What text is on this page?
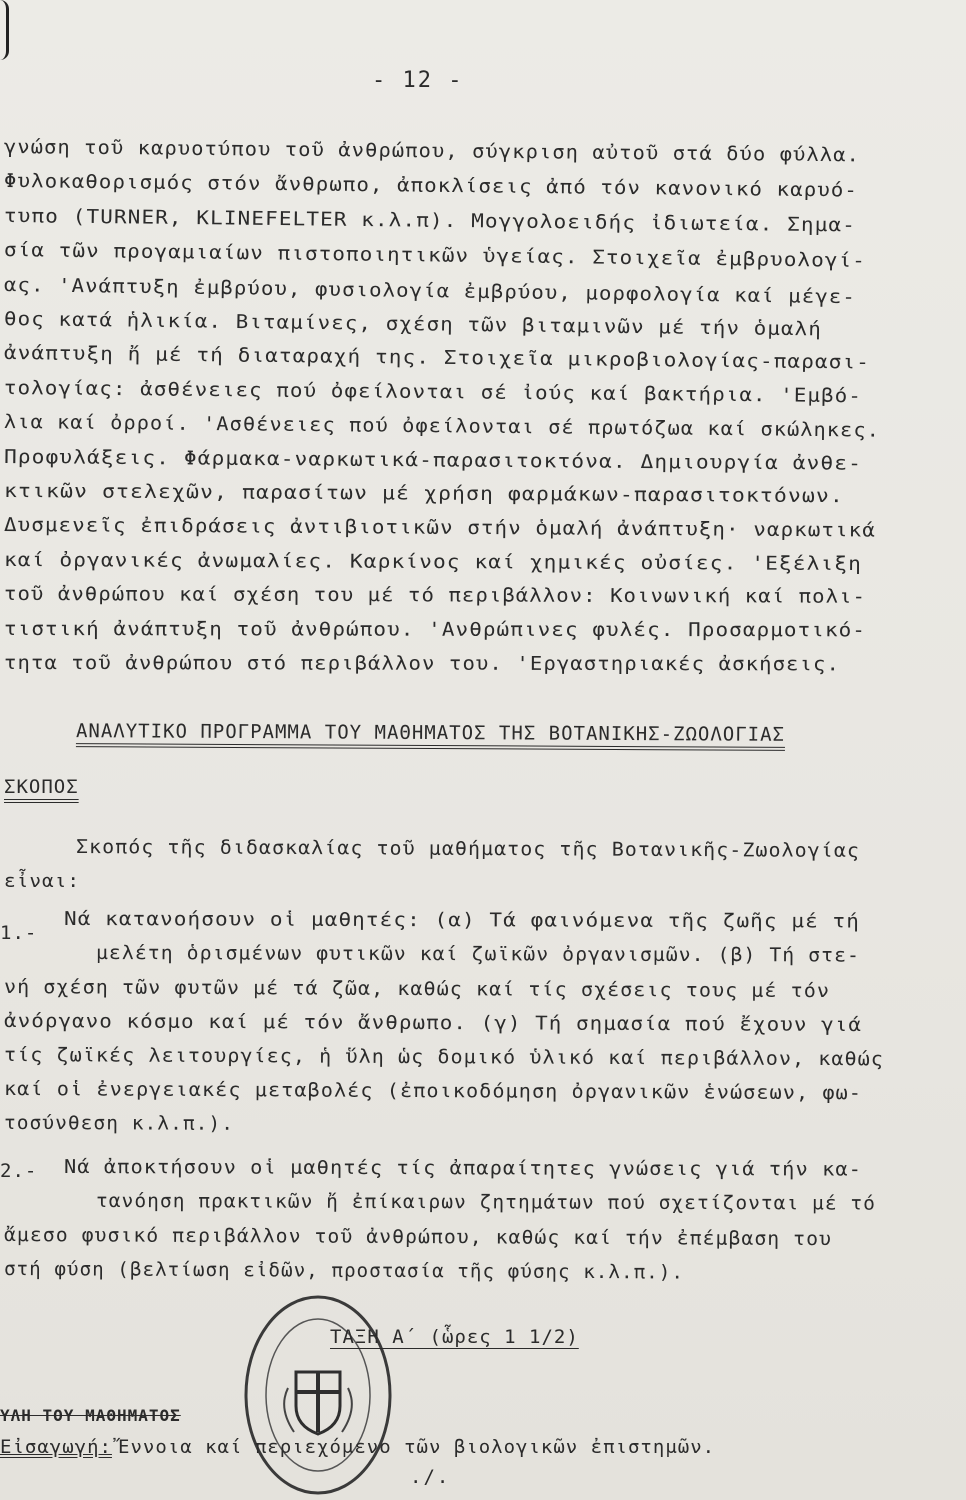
- 12 -
γνώση τοῦ καρυοτύπου τοῦ ἀνθρώπου, σύγκριση αὐτοῦ στά δύο φύλλα.
Φυλοκαθορισμός στόν ἄνθρωπο, ἀποκλίσεις ἀπό τόν κανονικό καρυό-
τυπο (TURNER, KLINEFELTER κ.λ.π). Μογγολοειδής ἰδιωτεία. Σημα-
σία τῶν προγαμιαίων πιστοποιητικῶν ὑγείας. Στοιχεῖα ἐμβρυολογί-
ας. 'Ανάπτυξη ἐμβρύου, φυσιολογία ἐμβρύου, μορφολογία καί μέγε-
θος κατά ἡλικία. Βιταμίνες, σχέση τῶν βιταμινῶν μέ τήν ὁμαλή
ἀνάπτυξη ἤ μέ τή διαταραχή της. Στοιχεῖα μικροβιολογίας-παρασι-
τολογίας: ἀσθένειες πού ὀφείλονται σέ ἰούς καί βακτήρια. 'Εμβό-
λια καί ὀρροί. 'Ασθένειες πού ὀφείλονται σέ πρωτόζωα καί σκώληκες.
Προφυλάξεις. Φάρμακα-ναρκωτικά-παρασιτοκτόνα. Δημιουργία ἀνθε-
κτικῶν στελεχῶν, παρασίτων μέ χρήση φαρμάκων-παρασιτοκτόνων.
Δυσμενεῖς ἐπιδράσεις ἀντιβιοτικῶν στήν ὁμαλή ἀνάπτυξη· ναρκωτικά
καί ὀργανικές ἀνωμαλίες. Καρκίνος καί χημικές οὐσίες. 'Εξέλιξη
τοῦ ἀνθρώπου καί σχέση του μέ τό περιβάλλον: Κοινωνική καί πολι-
τιστική ἀνάπτυξη τοῦ ἀνθρώπου. 'Ανθρώπινες φυλές. Προσαρμοτικό-
τητα τοῦ ἀνθρώπου στό περιβάλλον του. 'Εργαστηριακές ἀσκήσεις.
ΑΝΑΛΥΤΙΚΟ ΠΡΟΓΡΑΜΜΑ ΤΟΥ ΜΑΘΗΜΑΤΟΣ ΤΗΣ ΒΟΤΑΝΙΚΗΣ-ΖΩΟΛΟΓΙΑΣ
ΣΚΟΠΟΣ
Σκοπός τῆς διδασκαλίας τοῦ μαθήματος τῆς Βοτανικῆς-Ζωολογίας
εἶναι:
1.-
Νά κατανοήσουν οἱ μαθητές: (α) Τά φαινόμενα τῆς ζωῆς μέ τή
μελέτη ὁρισμένων φυτικῶν καί ζωϊκῶν ὀργανισμῶν. (β) Τή στε-
νή σχέση τῶν φυτῶν μέ τά ζῶα, καθώς καί τίς σχέσεις τους μέ τόν
ἀνόργανο κόσμο καί μέ τόν ἄνθρωπο. (γ) Τή σημασία πού ἔχουν γιά
τίς ζωϊκές λειτουργίες, ἡ ὕλη ὡς δομικό ὑλικό καί περιβάλλον, καθώς
καί οἱ ἐνεργειακές μεταβολές (ἐποικοδόμηση ὀργανικῶν ἑνώσεων, φω-
τοσύνθεση κ.λ.π.).
2.- Νά ἀποκτήσουν οἱ μαθητές τίς ἀπαραίτητες γνώσεις γιά τήν κα-
τανόηση πρακτικῶν ἤ ἐπίκαιρων ζητημάτων πού σχετίζονται μέ τό
ἄμεσο φυσικό περιβάλλον τοῦ ἀνθρώπου, καθώς καί τήν ἐπέμβαση του
στή φύση (βελτίωση εἰδῶν, προστασία τῆς φύσης κ.λ.π.).
ΤΑΞΗ Α΄ (ὧρες 1 1/2)
ΥΛΗ ΤΟΥ ΜΑΘΗΜΑΤΟΣ
Εἰσαγωγή: Ἔννοια καί περιεχόμενο τῶν βιολογικῶν ἐπιστημῶν.
./.
